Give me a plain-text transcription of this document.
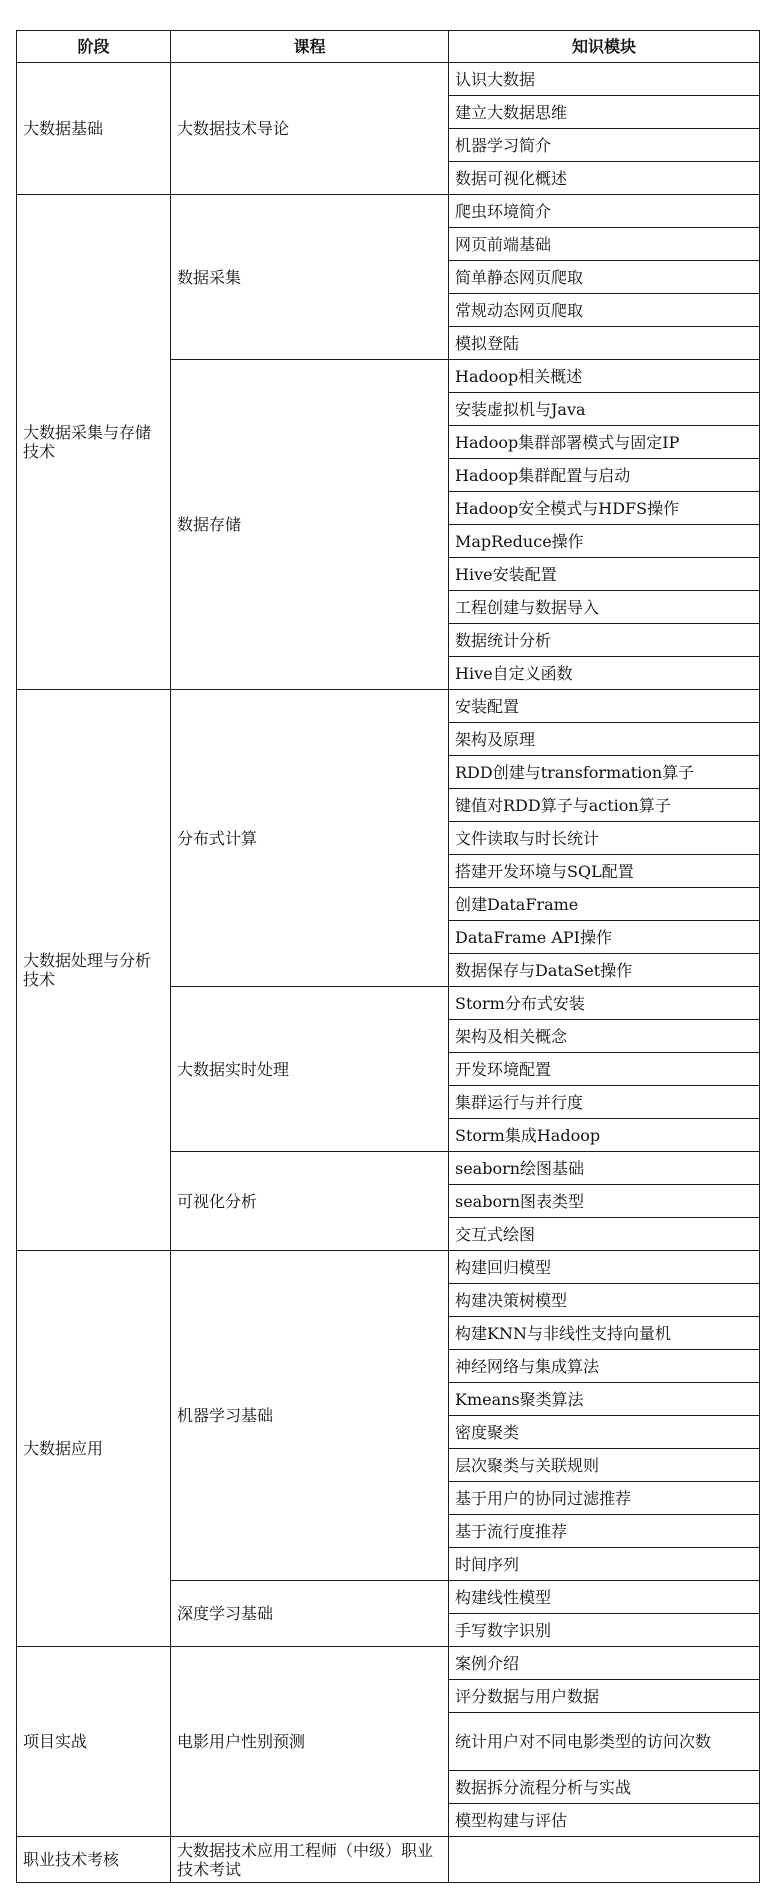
阶段	课程	知识模块
大数据基础	大数据技术导论	认识大数据
		建立大数据思维
		机器学习简介
		数据可视化概述
大数据采集与存储技术	数据采集	爬虫环境简介
		网页前端基础
		简单静态网页爬取
		常规动态网页爬取
		模拟登陆
	数据存储	Hadoop相关概述
		安装虚拟机与Java
		Hadoop集群部署模式与固定IP
		Hadoop集群配置与启动
		Hadoop安全模式与HDFS操作
		MapReduce操作
		Hive安装配置
		工程创建与数据导入
		数据统计分析
		Hive自定义函数
大数据处理与分析技术	分布式计算	安装配置
		架构及原理
		RDD创建与transformation算子
		键值对RDD算子与action算子
		文件读取与时长统计
		搭建开发环境与SQL配置
		创建DataFrame
		DataFrame API操作
		数据保存与DataSet操作
	大数据实时处理	Storm分布式安装
		架构及相关概念
		开发环境配置
		集群运行与并行度
		Storm集成Hadoop
	可视化分析	seaborn绘图基础
		seaborn图表类型
		交互式绘图
大数据应用	机器学习基础	构建回归模型
		构建决策树模型
		构建KNN与非线性支持向量机
		神经网络与集成算法
		Kmeans聚类算法
		密度聚类
		层次聚类与关联规则
		基于用户的协同过滤推荐
		基于流行度推荐
		时间序列
	深度学习基础	构建线性模型
		手写数字识别
项目实战	电影用户性别预测	案例介绍
		评分数据与用户数据
		统计用户对不同电影类型的访问次数
		数据拆分流程分析与实战
		模型构建与评估
职业技术考核	大数据技术应用工程师（中级）职业技术考试	
